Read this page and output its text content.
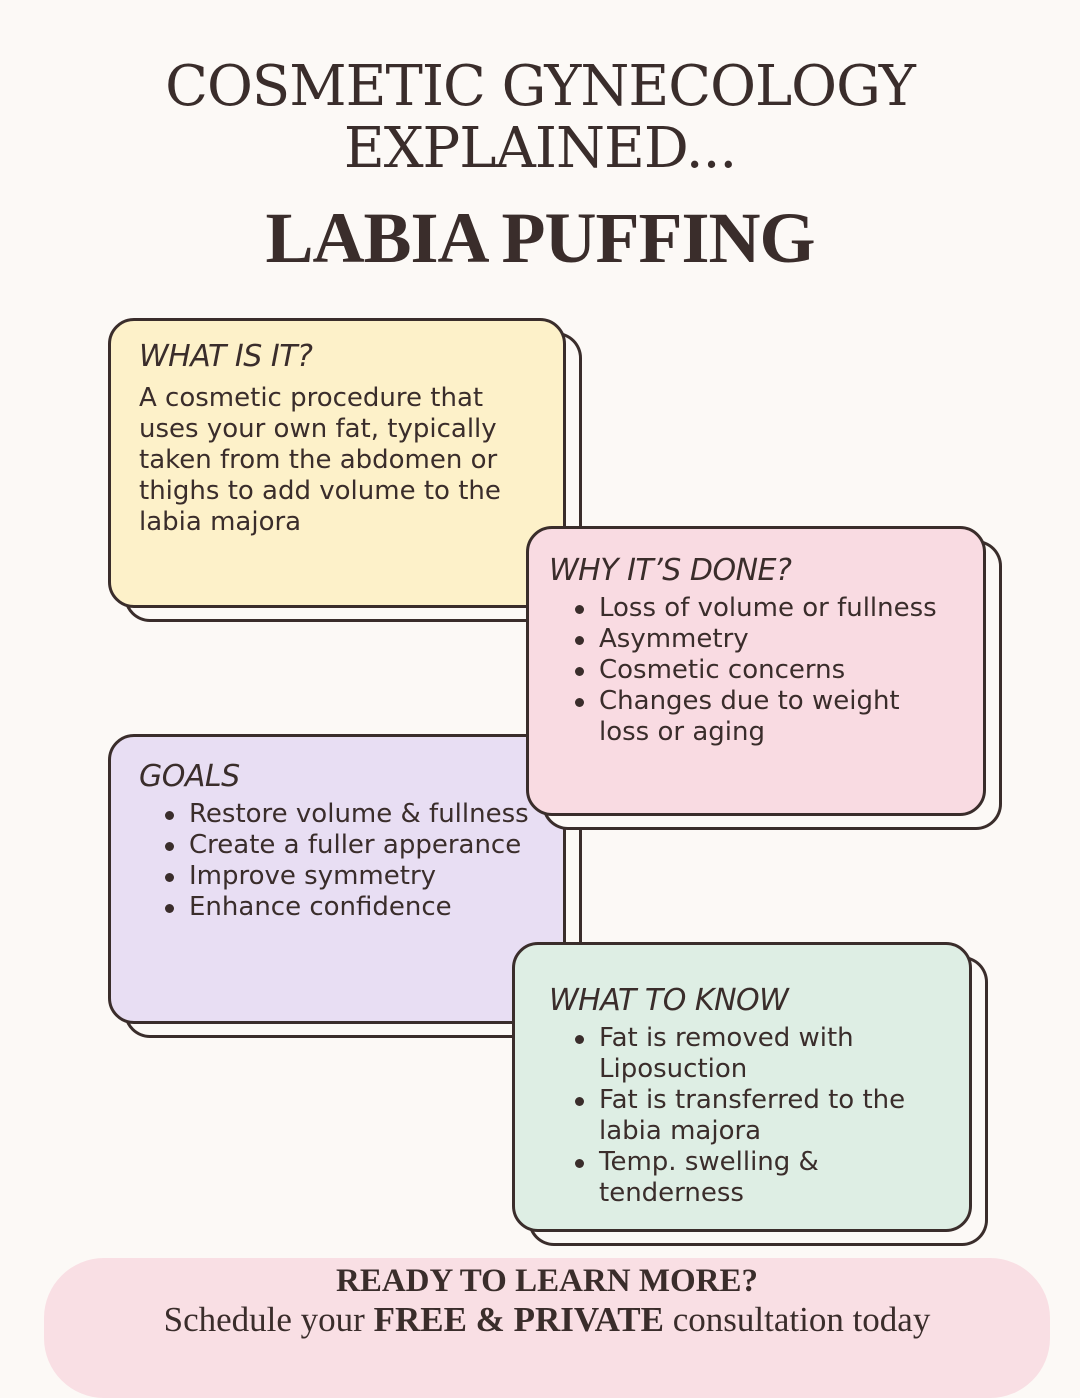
COSMETIC GYNECOLOGY
EXPLAINED...
LABIA PUFFING
WHAT IS IT?

A cosmetic procedure that uses your own fat, typically taken from the abdomen or thighs to add volume to the labia majora

GOALS
Restore volume & fullness
Create a fuller apperance
Improve symmetry
Enhance confidence
WHY IT’S DONE?
Loss of volume or fullness
Asymmetry
Cosmetic concerns
Changes due to weight loss or aging
WHAT TO KNOW
Fat is removed with Liposuction
Fat is transferred to the labia majora
Temp. swelling & tenderness
READY TO LEARN MORE?
Schedule your FREE & PRIVATE consultation today
